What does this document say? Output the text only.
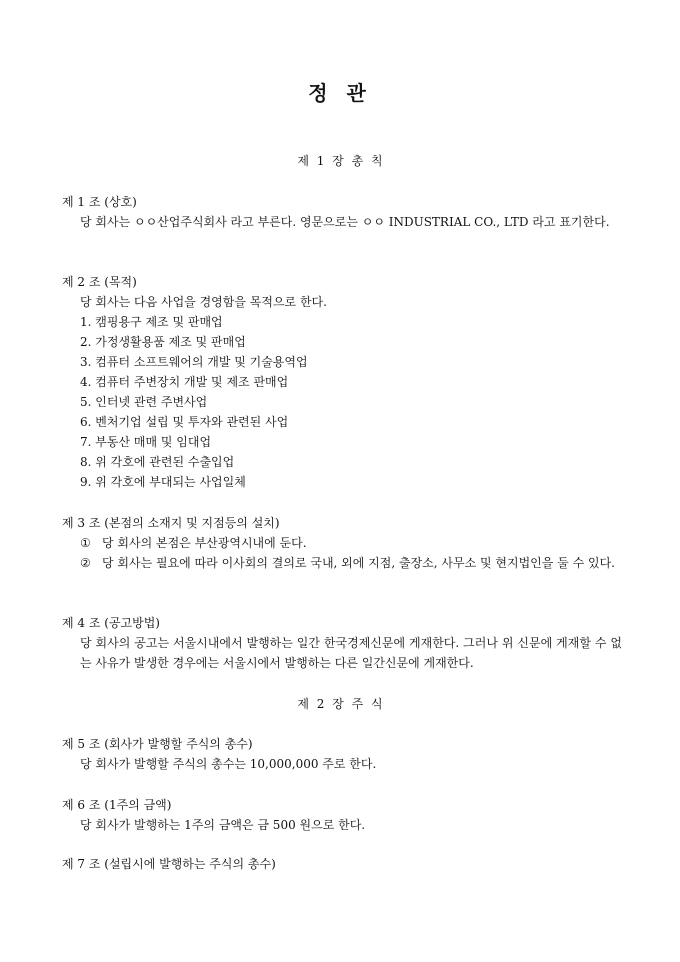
정 관
제 1 장 총 칙

제 1 조 (상호)

당 회사는 ㅇㅇ산업주식회사 라고 부른다. 영문으로는 ㅇㅇ INDUSTRIAL CO., LTD 라고 표기한다.

제 2 조 (목적)

당 회사는 다음 사업을 경영함을 목적으로 한다.

1. 캠핑용구 제조 및 판매업
2. 가정생활용품 제조 및 판매업
3. 컴퓨터 소프트웨어의 개발 및 기술용역업
4. 컴퓨터 주변장치 개발 및 제조 판매업
5. 인터넷 관련 주변사업
6. 벤처기업 설립 및 투자와 관련된 사업
7. 부동산 매매 및 임대업
8. 위 각호에 관련된 수출입업
9. 위 각호에 부대되는 사업일체

제 3 조 (본점의 소재지 및 지점등의 설치)

① 당 회사의 본점은 부산광역시내에 둔다.
② 당 회사는 필요에 따라 이사회의 결의로 국내, 외에 지점, 출장소, 사무소 및 현지법인을 둘 수 있다.

제 4 조 (공고방법)

당 회사의 공고는 서울시내에서 발행하는 일간 한국경제신문에 게재한다. 그러나 위 신문에 게재할 수 없는 사유가 발생한 경우에는 서울시에서 발행하는 다른 일간신문에 게재한다.

제 2 장 주 식

제 5 조 (회사가 발행할 주식의 총수)

당 회사가 발행할 주식의 총수는 10,000,000 주로 한다.

제 6 조 (1주의 금액)

당 회사가 발행하는 1주의 금액은 금 500 원으로 한다.

제 7 조 (설립시에 발행하는 주식의 총수)
